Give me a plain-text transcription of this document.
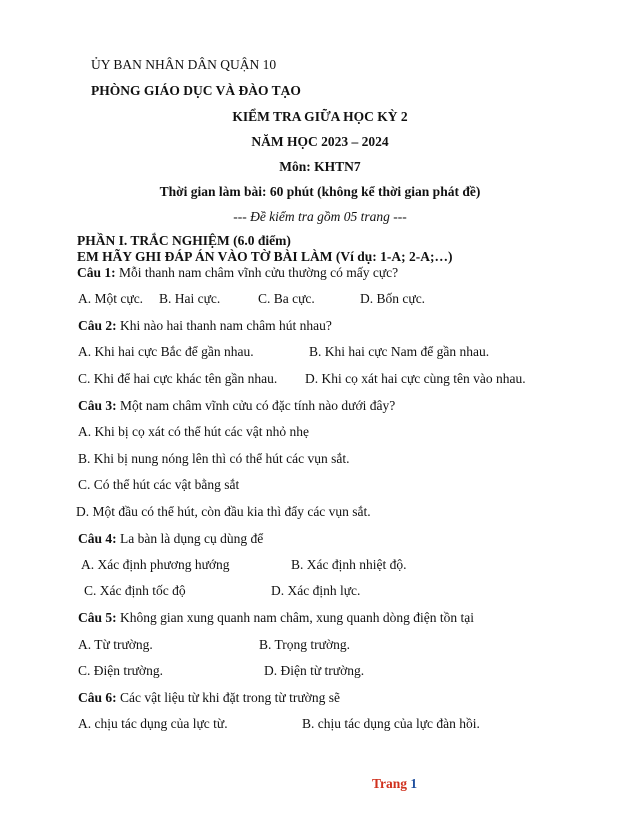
ỦY BAN NHÂN DÂN QUẬN 10
PHÒNG GIÁO DỤC VÀ ĐÀO TẠO
KIỂM TRA GIỮA HỌC KỲ 2
NĂM HỌC 2023 – 2024
Môn: KHTN7
Thời gian làm bài: 60 phút (không kể thời gian phát đề)
--- Đề kiểm tra gồm 05 trang ---
PHẦN I. TRẮC NGHIỆM (6.0 điểm)
EM HÃY GHI ĐÁP ÁN VÀO TỜ BÀI LÀM (Ví dụ: 1-A; 2-A;…)
Câu 1: Mỗi thanh nam châm vĩnh cửu thường có mấy cực?
A. Một cực. B. Hai cực.	C. Ba cực.	D. Bốn cực.
Câu 2: Khi nào hai thanh nam châm hút nhau?
A. Khi hai cực Bắc để gần nhau.	B. Khi hai cực Nam để gần nhau.
C. Khi để hai cực khác tên gần nhau. D. Khi cọ xát hai cực cùng tên vào nhau.
Câu 3: Một nam châm vĩnh cửu có đặc tính nào dưới đây?
A. Khi bị cọ xát có thể hút các vật nhỏ nhẹ
B. Khi bị nung nóng lên thì có thể hút các vụn sắt.
C. Có thể hút các vật bằng sắt
D. Một đầu có thể hút, còn đầu kia thì đẩy các vụn sắt.
Câu 4: La bàn là dụng cụ dùng để
A. Xác định phương hướng	B. Xác định nhiệt độ.
C. Xác định tốc độ	D. Xác định lực.
Câu 5: Không gian xung quanh nam châm, xung quanh dòng điện tồn tại
A. Từ trường.	B. Trọng trường.
C. Điện trường.	D. Điện từ trường.
Câu 6: Các vật liệu từ khi đặt trong từ trường sẽ
A. chịu tác dụng của lực từ.	B. chịu tác dụng của lực đàn hồi.
Trang 1
